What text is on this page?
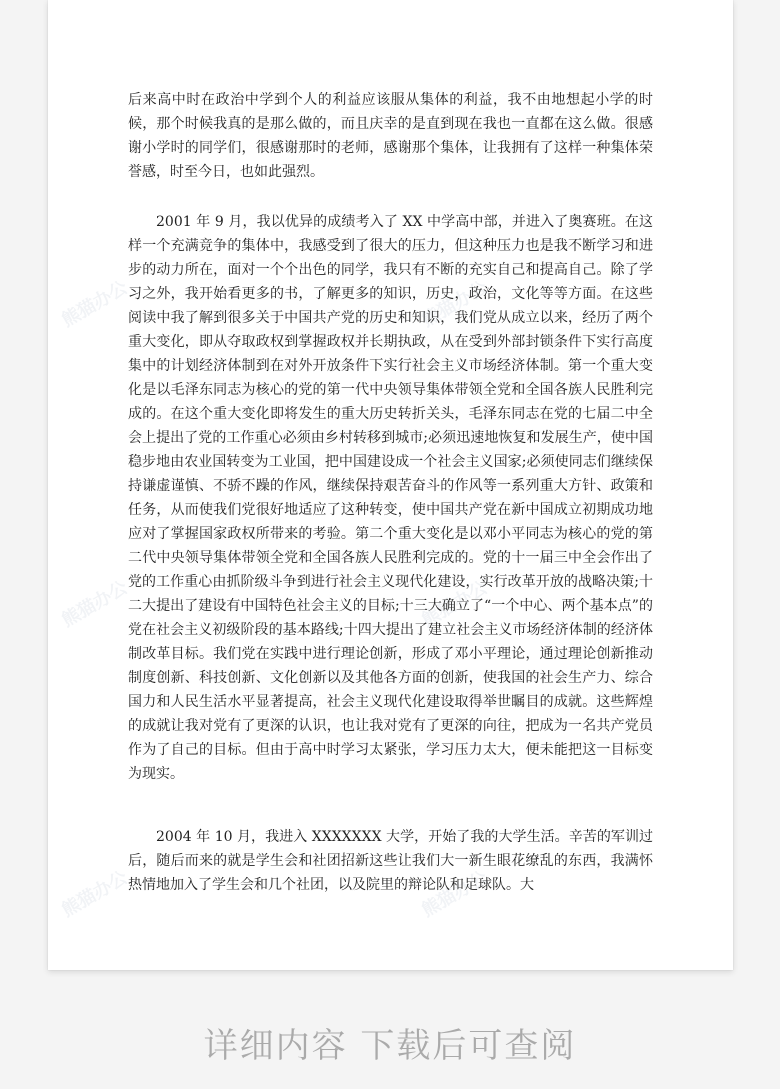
熊猫办公	熊猫办公
熊猫办公	熊猫办公
熊猫办公	熊猫办公

后来高中时在政治中学到个人的利益应该服从集体的利益，我不由地想起小学的时候，那个时候我真的是那么做的，而且庆幸的是直到现在我也一直都在这么做。很感谢小学时的同学们，很感谢那时的老师，感谢那个集体，让我拥有了这样一种集体荣誉感，时至今日，也如此强烈。

2001 年 9 月，我以优异的成绩考入了 XX 中学高中部，并进入了奥赛班。在这样一个充满竞争的集体中，我感受到了很大的压力，但这种压力也是我不断学习和进步的动力所在，面对一个个出色的同学，我只有不断的充实自己和提高自己。除了学习之外，我开始看更多的书，了解更多的知识，历史，政治，文化等等方面。在这些阅读中我了解到很多关于中国共产党的历史和知识，我们党从成立以来，经历了两个重大变化，即从夺取政权到掌握政权并长期执政，从在受到外部封锁条件下实行高度集中的计划经济体制到在对外开放条件下实行社会主义市场经济体制。第一个重大变化是以毛泽东同志为核心的党的第一代中央领导集体带领全党和全国各族人民胜利完成的。在这个重大变化即将发生的重大历史转折关头，毛泽东同志在党的七届二中全会上提出了党的工作重心必须由乡村转移到城市;必须迅速地恢复和发展生产，使中国稳步地由农业国转变为工业国，把中国建设成一个社会主义国家;必须使同志们继续保持谦虚谨慎、不骄不躁的作风，继续保持艰苦奋斗的作风等一系列重大方针、政策和任务，从而使我们党很好地适应了这种转变，使中国共产党在新中国成立初期成功地应对了掌握国家政权所带来的考验。第二个重大变化是以邓小平同志为核心的党的第二代中央领导集体带领全党和全国各族人民胜利完成的。党的十一届三中全会作出了党的工作重心由抓阶级斗争到进行社会主义现代化建设，实行改革开放的战略决策;十二大提出了建设有中国特色社会主义的目标;十三大确立了“一个中心、两个基本点”的党在社会主义初级阶段的基本路线;十四大提出了建立社会主义市场经济体制的经济体制改革目标。我们党在实践中进行理论创新，形成了邓小平理论，通过理论创新推动制度创新、科技创新、文化创新以及其他各方面的创新，使我国的社会生产力、综合国力和人民生活水平显著提高，社会主义现代化建设取得举世瞩目的成就。这些辉煌的成就让我对党有了更深的认识，也让我对党有了更深的向往，把成为一名共产党员作为了自己的目标。但由于高中时学习太紧张，学习压力太大，便未能把这一目标变为现实。

2004 年 10 月，我进入 XXXXXXX 大学，开始了我的大学生活。辛苦的军训过后，随后而来的就是学生会和社团招新这些让我们大一新生眼花缭乱的东西，我满怀热情地加入了学生会和几个社团，以及院里的辩论队和足球队。大

详细内容 下载后可查阅
